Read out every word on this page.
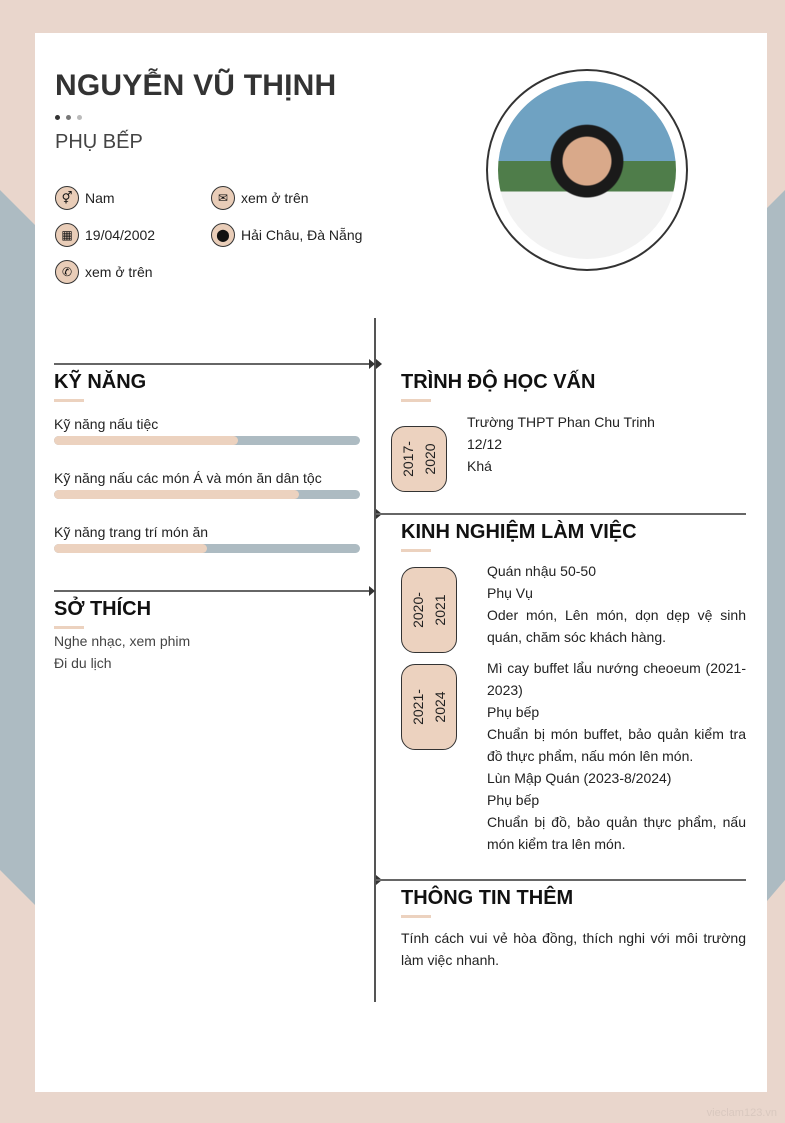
NGUYỄN VŨ THỊNH
PHỤ BẾP
⚥ Nam	✉ xem ở trên
▦ 19/04/2002	⬤ Hải Châu, Đà Nẵng
✆ xem ở trên
KỸ NĂNG
Kỹ năng nấu tiệc
Kỹ năng nấu các món Á và món ăn dân tộc
Kỹ năng trang trí món ăn
SỞ THÍCH
Nghe nhạc, xem phim
Đi du lịch
TRÌNH ĐỘ HỌC VẤN
2017-2020
Trường THPT Phan Chu Trinh
12/12
Khá
KINH NGHIỆM LÀM VIỆC
2020-2021
Quán nhậu 50-50
Phụ Vụ
Oder món, Lên món, dọn dẹp vệ sinh quán, chăm sóc khách hàng.
2021-2024
Mì cay buffet lẩu nướng cheoeum (2021-2023)
Phụ bếp
Chuẩn bị món buffet, bảo quản kiểm tra đồ thực phẩm, nấu món lên món.
Lùn Mập Quán (2023-8/2024)
Phụ bếp
Chuẩn bị đồ, bảo quản thực phẩm, nấu món kiểm tra lên món.
THÔNG TIN THÊM
Tính cách vui vẻ hòa đồng, thích nghi với môi trường làm việc nhanh.
vieclam123.vn
